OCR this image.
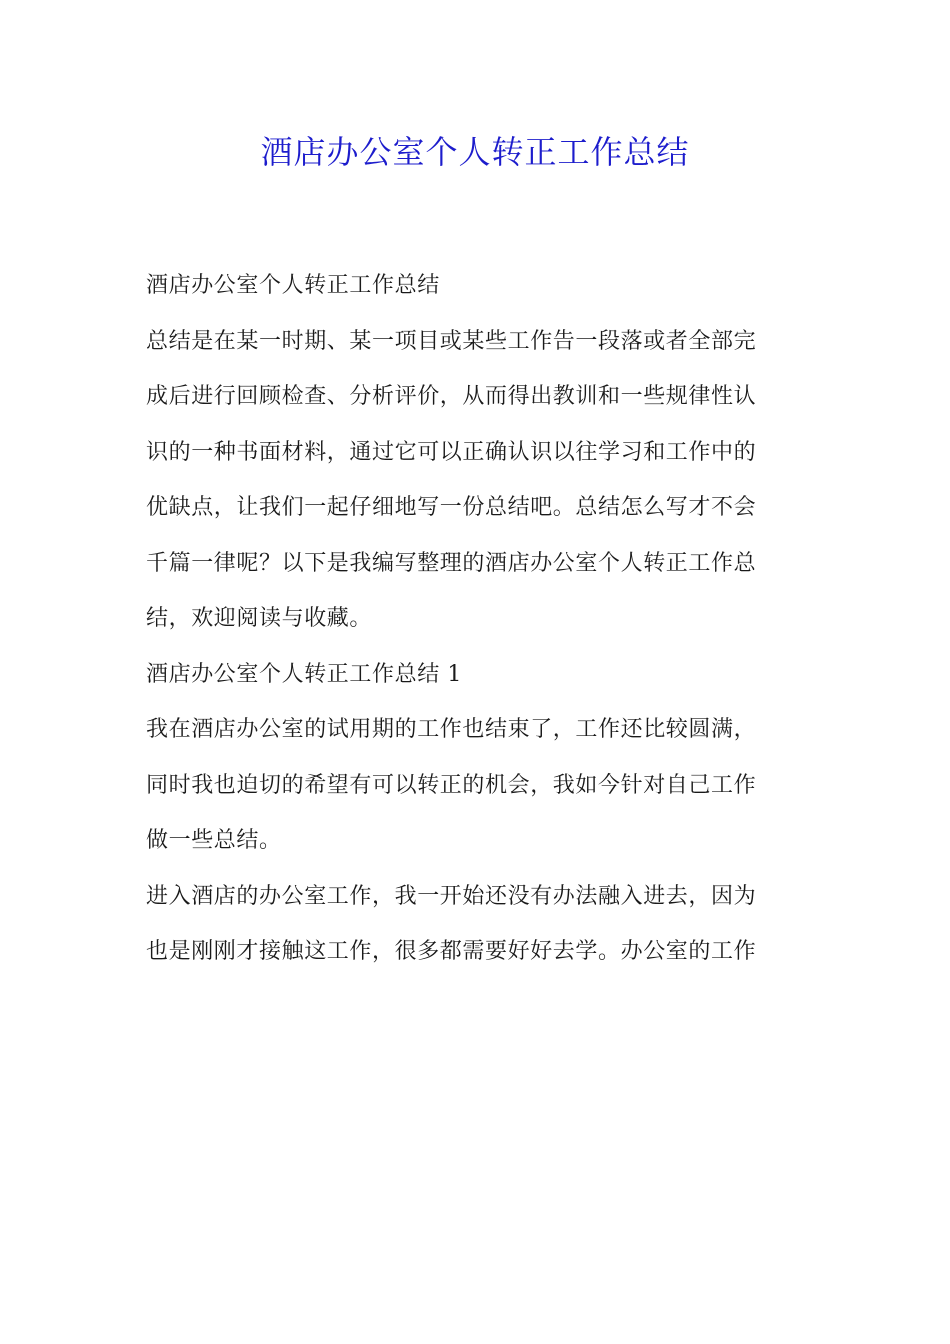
酒店办公室个人转正工作总结
酒店办公室个人转正工作总结
总结是在某一时期、某一项目或某些工作告一段落或者全部完
成后进行回顾检查、分析评价，从而得出教训和一些规律性认
识的一种书面材料，通过它可以正确认识以往学习和工作中的
优缺点，让我们一起仔细地写一份总结吧。总结怎么写才不会
千篇一律呢？以下是我编写整理的酒店办公室个人转正工作总
结，欢迎阅读与收藏。
酒店办公室个人转正工作总结 1
我在酒店办公室的试用期的工作也结束了，工作还比较圆满，
同时我也迫切的希望有可以转正的机会，我如今针对自己工作
做一些总结。
进入酒店的办公室工作，我一开始还没有办法融入进去，因为
也是刚刚才接触这工作，很多都需要好好去学。办公室的工作
